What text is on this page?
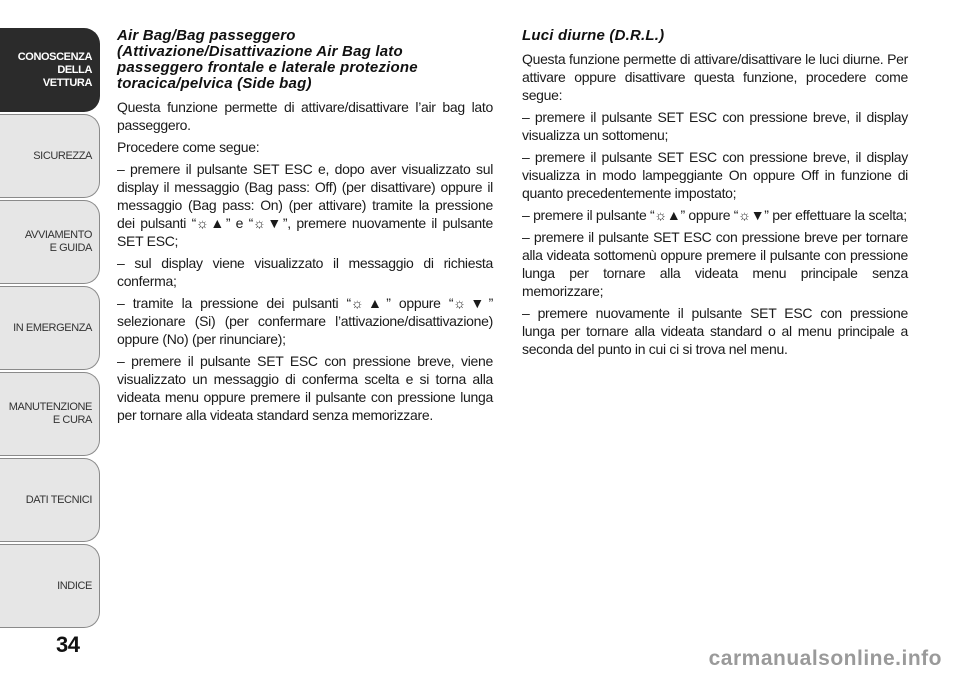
CONOSCENZA
DELLA
VETTURA
SICUREZZA
AVVIAMENTO
E GUIDA
IN EMERGENZA
MANUTENZIONE
E CURA
DATI TECNICI
INDICE
34
Air Bag/Bag passeggero (Attivazione/Disattivazione Air Bag lato passeggero frontale e laterale protezione toracica/pelvica (Side bag)

Questa funzione permette di attivare/disattivare l’air bag lato passeggero.

Procedere come segue:

– premere il pulsante SET ESC e, dopo aver visualizzato sul display il messaggio (Bag pass: Off) (per disattivare) oppure il messaggio (Bag pass: On) (per attivare) tramite la pressione dei pulsanti “☼▲” e “☼▼”, premere nuovamente il pulsante SET ESC;

– sul display viene visualizzato il messaggio di richiesta conferma;

– tramite la pressione dei pulsanti “☼▲” oppure “☼▼” selezionare (Si) (per confermare l’attivazione/disattivazione) oppure (No) (per rinunciare);

– premere il pulsante SET ESC con pressione breve, viene visualizzato un messaggio di conferma scelta e si torna alla videata menu oppure premere il pulsante con pressione lunga per tornare alla videata standard senza memorizzare.

Luci diurne (D.R.L.)

Questa funzione permette di attivare/disattivare le luci diurne. Per attivare oppure disattivare questa funzione, procedere come segue:

– premere il pulsante SET ESC con pressione breve, il display visualizza un sottomenu;

– premere il pulsante SET ESC con pressione breve, il display visualizza in modo lampeggiante On oppure Off in funzione di quanto precedentemente impostato;

– premere il pulsante “☼▲” oppure “☼▼” per effettuare la scelta;

– premere il pulsante SET ESC con pressione breve per tornare alla videata sottomenù oppure premere il pulsante con pressione lunga per tornare alla videata menu principale senza memorizzare;

– premere nuovamente il pulsante SET ESC con pressione lunga per tornare alla videata standard o al menu principale a seconda del punto in cui ci si trova nel menu.

carmanualsonline.info
